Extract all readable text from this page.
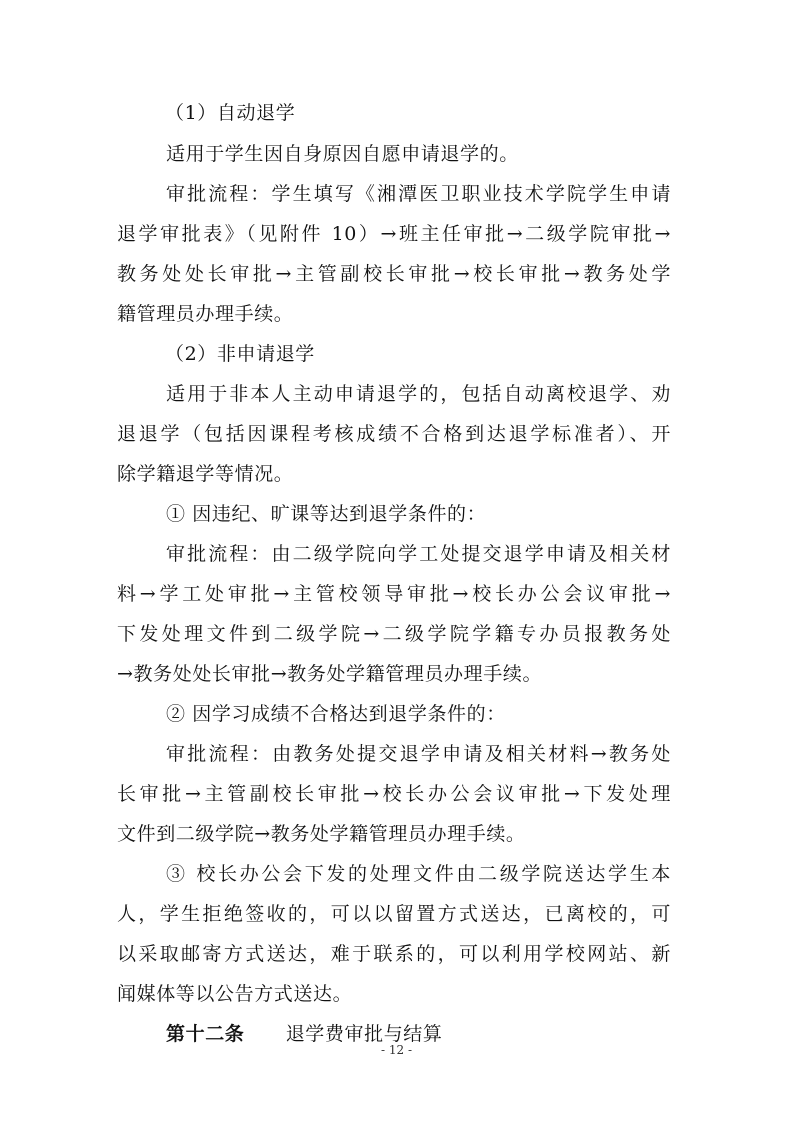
（1）自动退学
适用于学生因自身原因自愿申请退学的。
审批流程：学生填写《湘潭医卫职业技术学院学生申请
退学审批表》（见附件 10）→班主任审批→二级学院审批→
教务处处长审批→主管副校长审批→校长审批→教务处学
籍管理员办理手续。
（2）非申请退学
适用于非本人主动申请退学的，包括自动离校退学、劝
退退学（包括因课程考核成绩不合格到达退学标准者）、开
除学籍退学等情况。
① 因违纪、旷课等达到退学条件的：
审批流程：由二级学院向学工处提交退学申请及相关材
料→学工处审批→主管校领导审批→校长办公会议审批→
下发处理文件到二级学院→二级学院学籍专办员报教务处
→教务处处长审批→教务处学籍管理员办理手续。
② 因学习成绩不合格达到退学条件的：
审批流程：由教务处提交退学申请及相关材料→教务处
长审批→主管副校长审批→校长办公会议审批→下发处理
文件到二级学院→教务处学籍管理员办理手续。
③ 校长办公会下发的处理文件由二级学院送达学生本
人，学生拒绝签收的，可以以留置方式送达，已离校的，可
以采取邮寄方式送达，难于联系的，可以利用学校网站、新
闻媒体等以公告方式送达。
第十二条 退学费审批与结算
- 12 -
